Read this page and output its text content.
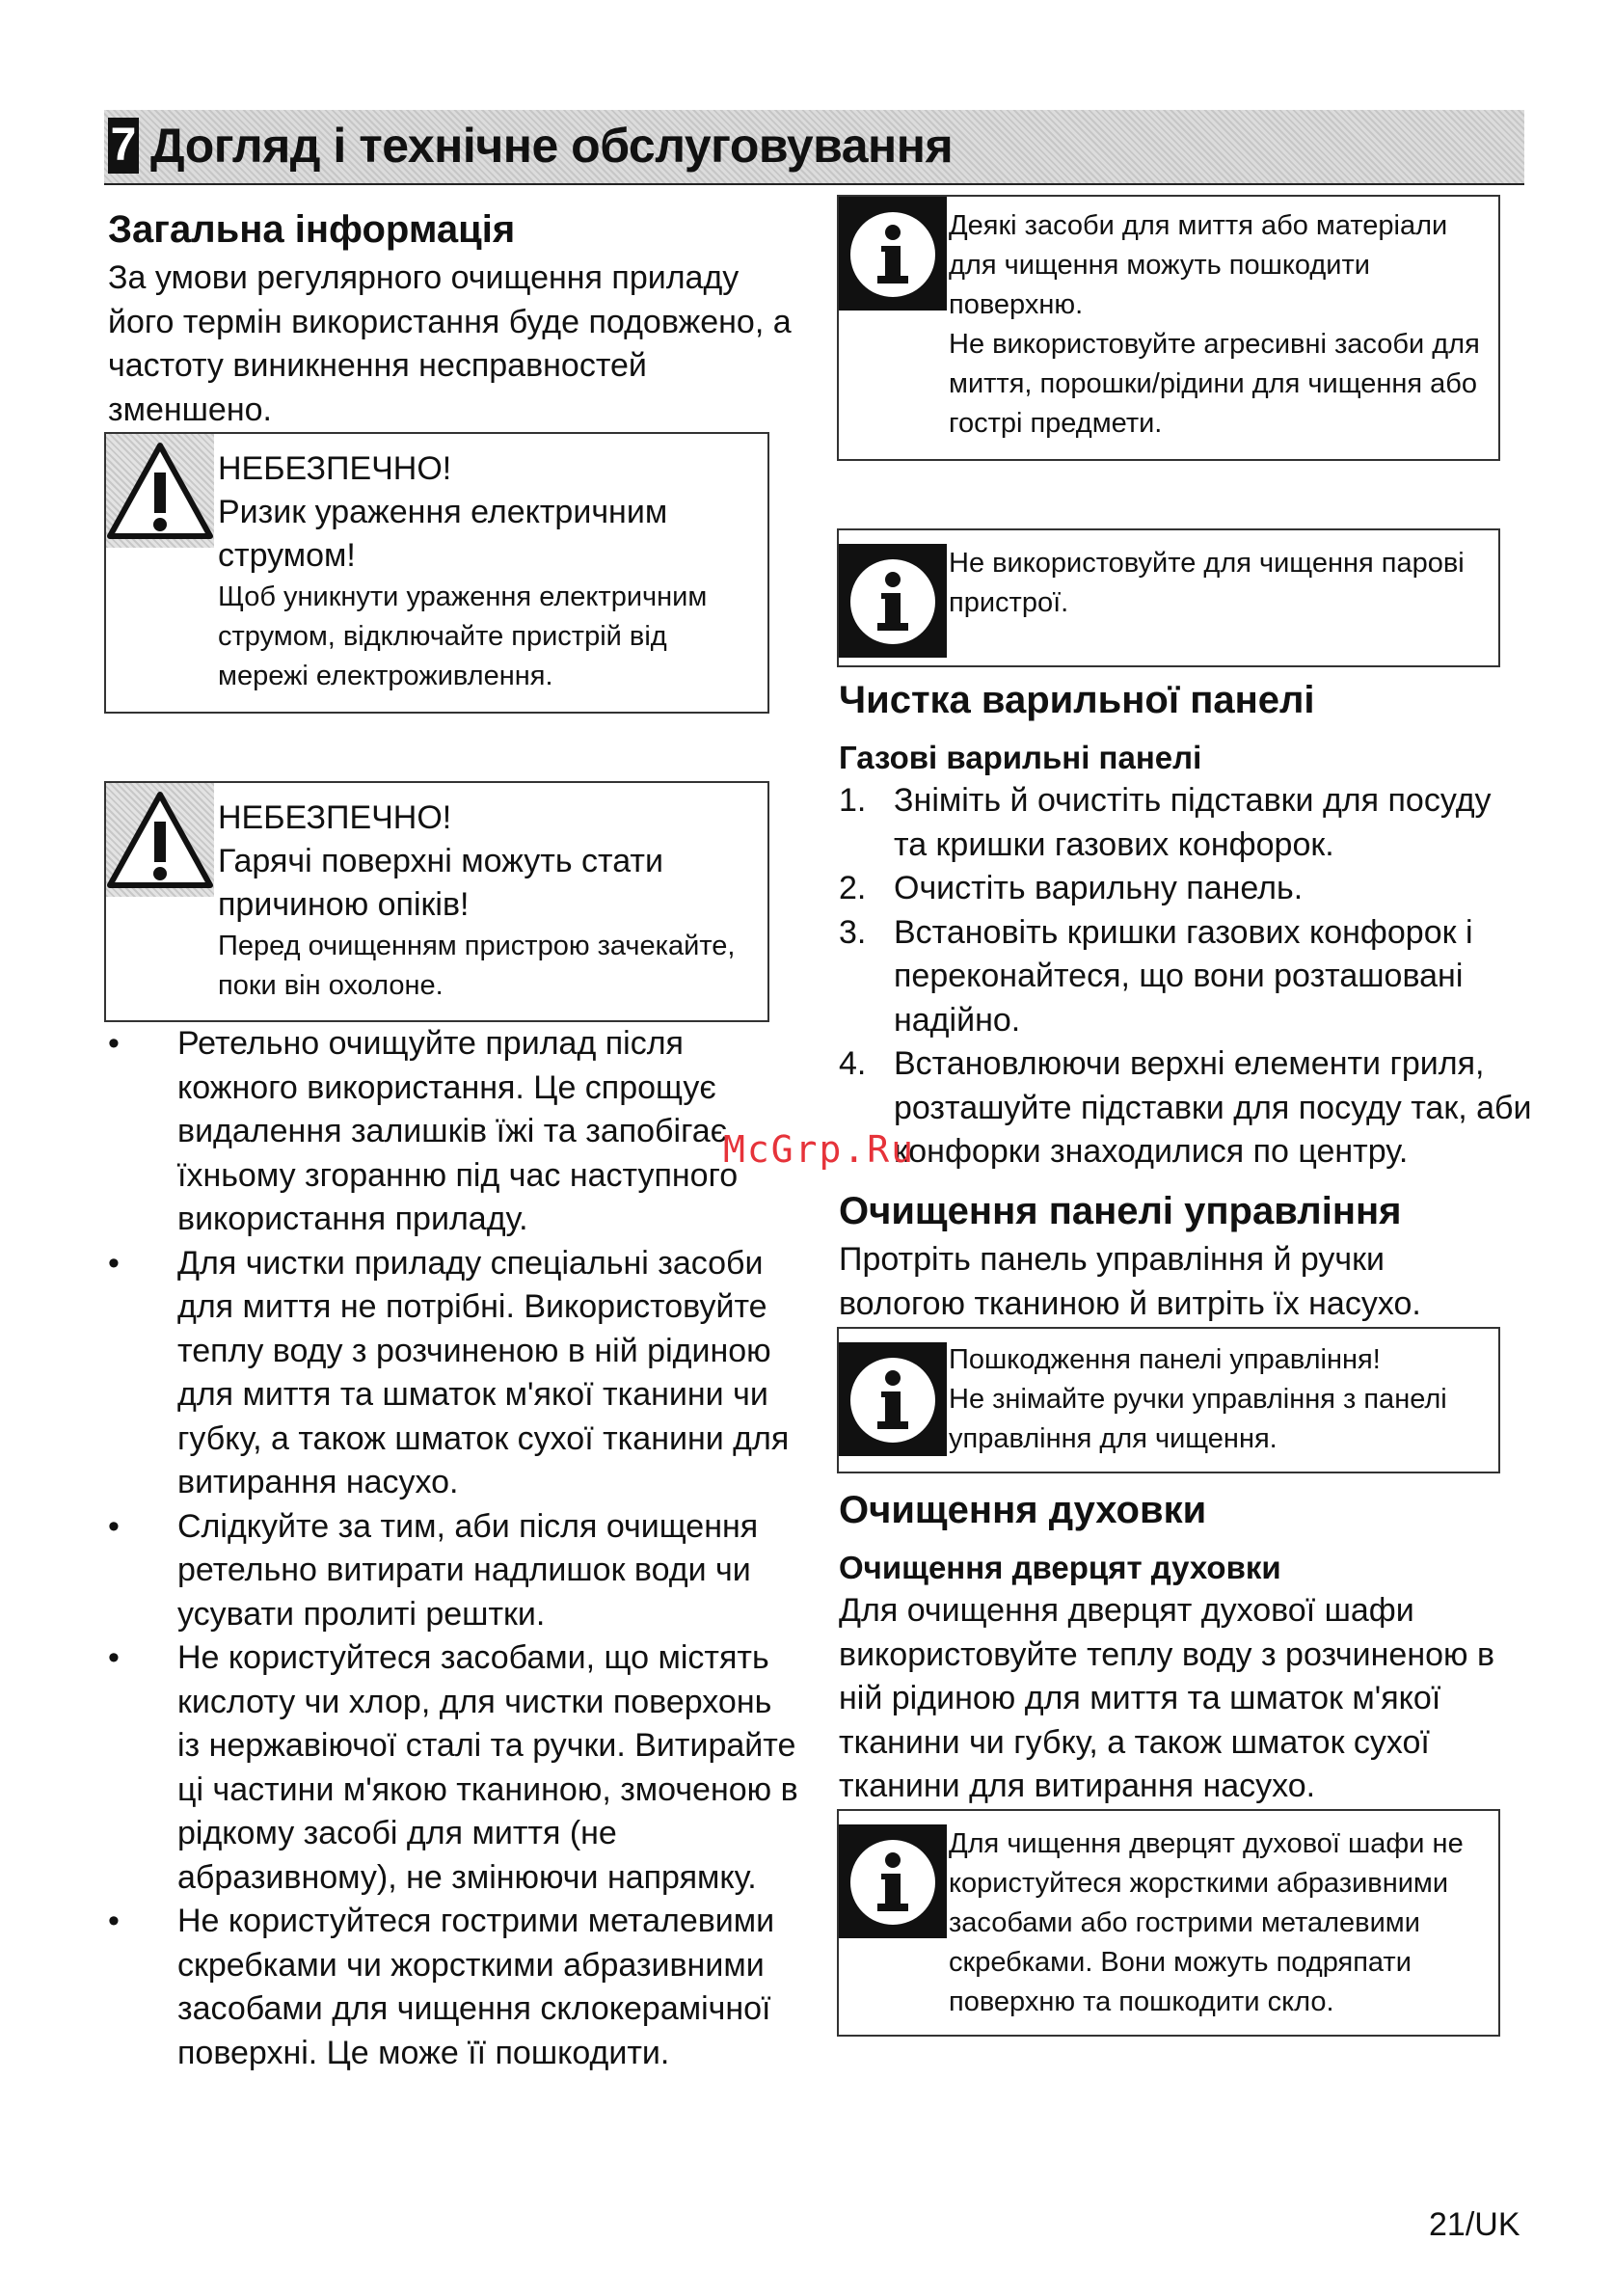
7 Догляд і технічне обслуговування
Загальна інформація

За умови регулярного очищення приладу його термін використання буде подовжено, а частоту виникнення несправностей зменшено.

НЕБЕЗПЕЧНО!
Ризик ураження електричним
струмом!
Щоб уникнути ураження електричним
струмом, відключайте пристрій від
мережі електроживлення.
НЕБЕЗПЕЧНО!
Гарячі поверхні можуть стати
причиною опіків!
Перед очищенням пристрою зачекайте,
поки він охолоне.
• Ретельно очищуйте прилад після кожного використання. Це спрощує видалення залишків їжі та запобігає їхньому згоранню під час наступного використання приладу.
• Для чистки приладу спеціальні засоби для миття не потрібні. Використовуйте теплу воду з розчиненою в ній рідиною для миття та шматок м'якої тканини чи губку, а також шматок сухої тканини для витирання насухо.
• Слідкуйте за тим, аби після очищення ретельно витирати надлишок води чи усувати пролиті рештки.
• Не користуйтеся засобами, що містять кислоту чи хлор, для чистки поверхонь із нержавіючої сталі та ручки. Витирайте ці частини м'якою тканиною, змоченою в рідкому засобі для миття (не абразивному), не змінюючи напрямку.
• Не користуйтеся гострими металевими скребками чи жорсткими абразивними засобами для чищення склокерамічної поверхні. Це може її пошкодити.

Деякі засоби для миття або матеріали

для чищення можуть пошкодити

поверхню.

Не використовуйте агресивні засоби для

миття, порошки/рідини для чищення або

гострі предмети.

Не використовуйте для чищення парові

пристрої.

Чистка варильної панелі
Газові варильні панелі
1. Зніміть й очистіть підставки для посуду та кришки газових конфорок.
2. Очистіть варильну панель.
3. Встановіть кришки газових конфорок і переконайтеся, що вони розташовані надійно.
4. Встановлюючи верхні елементи гриля, розташуйте підставки для посуду так, аби конфорки знаходилися по центру.
Очищення панелі управління

Протріть панель управління й ручки вологою тканиною й витріть їх насухо.

Пошкодження панелі управління!

Не знімайте ручки управління з панелі

управління для чищення.

Очищення духовки
Очищення дверцят духовки

Для очищення дверцят духової шафи використовуйте теплу воду з розчиненою в ній рідиною для миття та шматок м'якої тканини чи губку, а також шматок сухої тканини для витирання насухо.

Для чищення дверцят духової шафи не

користуйтеся жорсткими абразивними

засобами або гострими металевими

скребками. Вони можуть подряпати

поверхню та пошкодити скло.

McGrp.Ru
21/UK
